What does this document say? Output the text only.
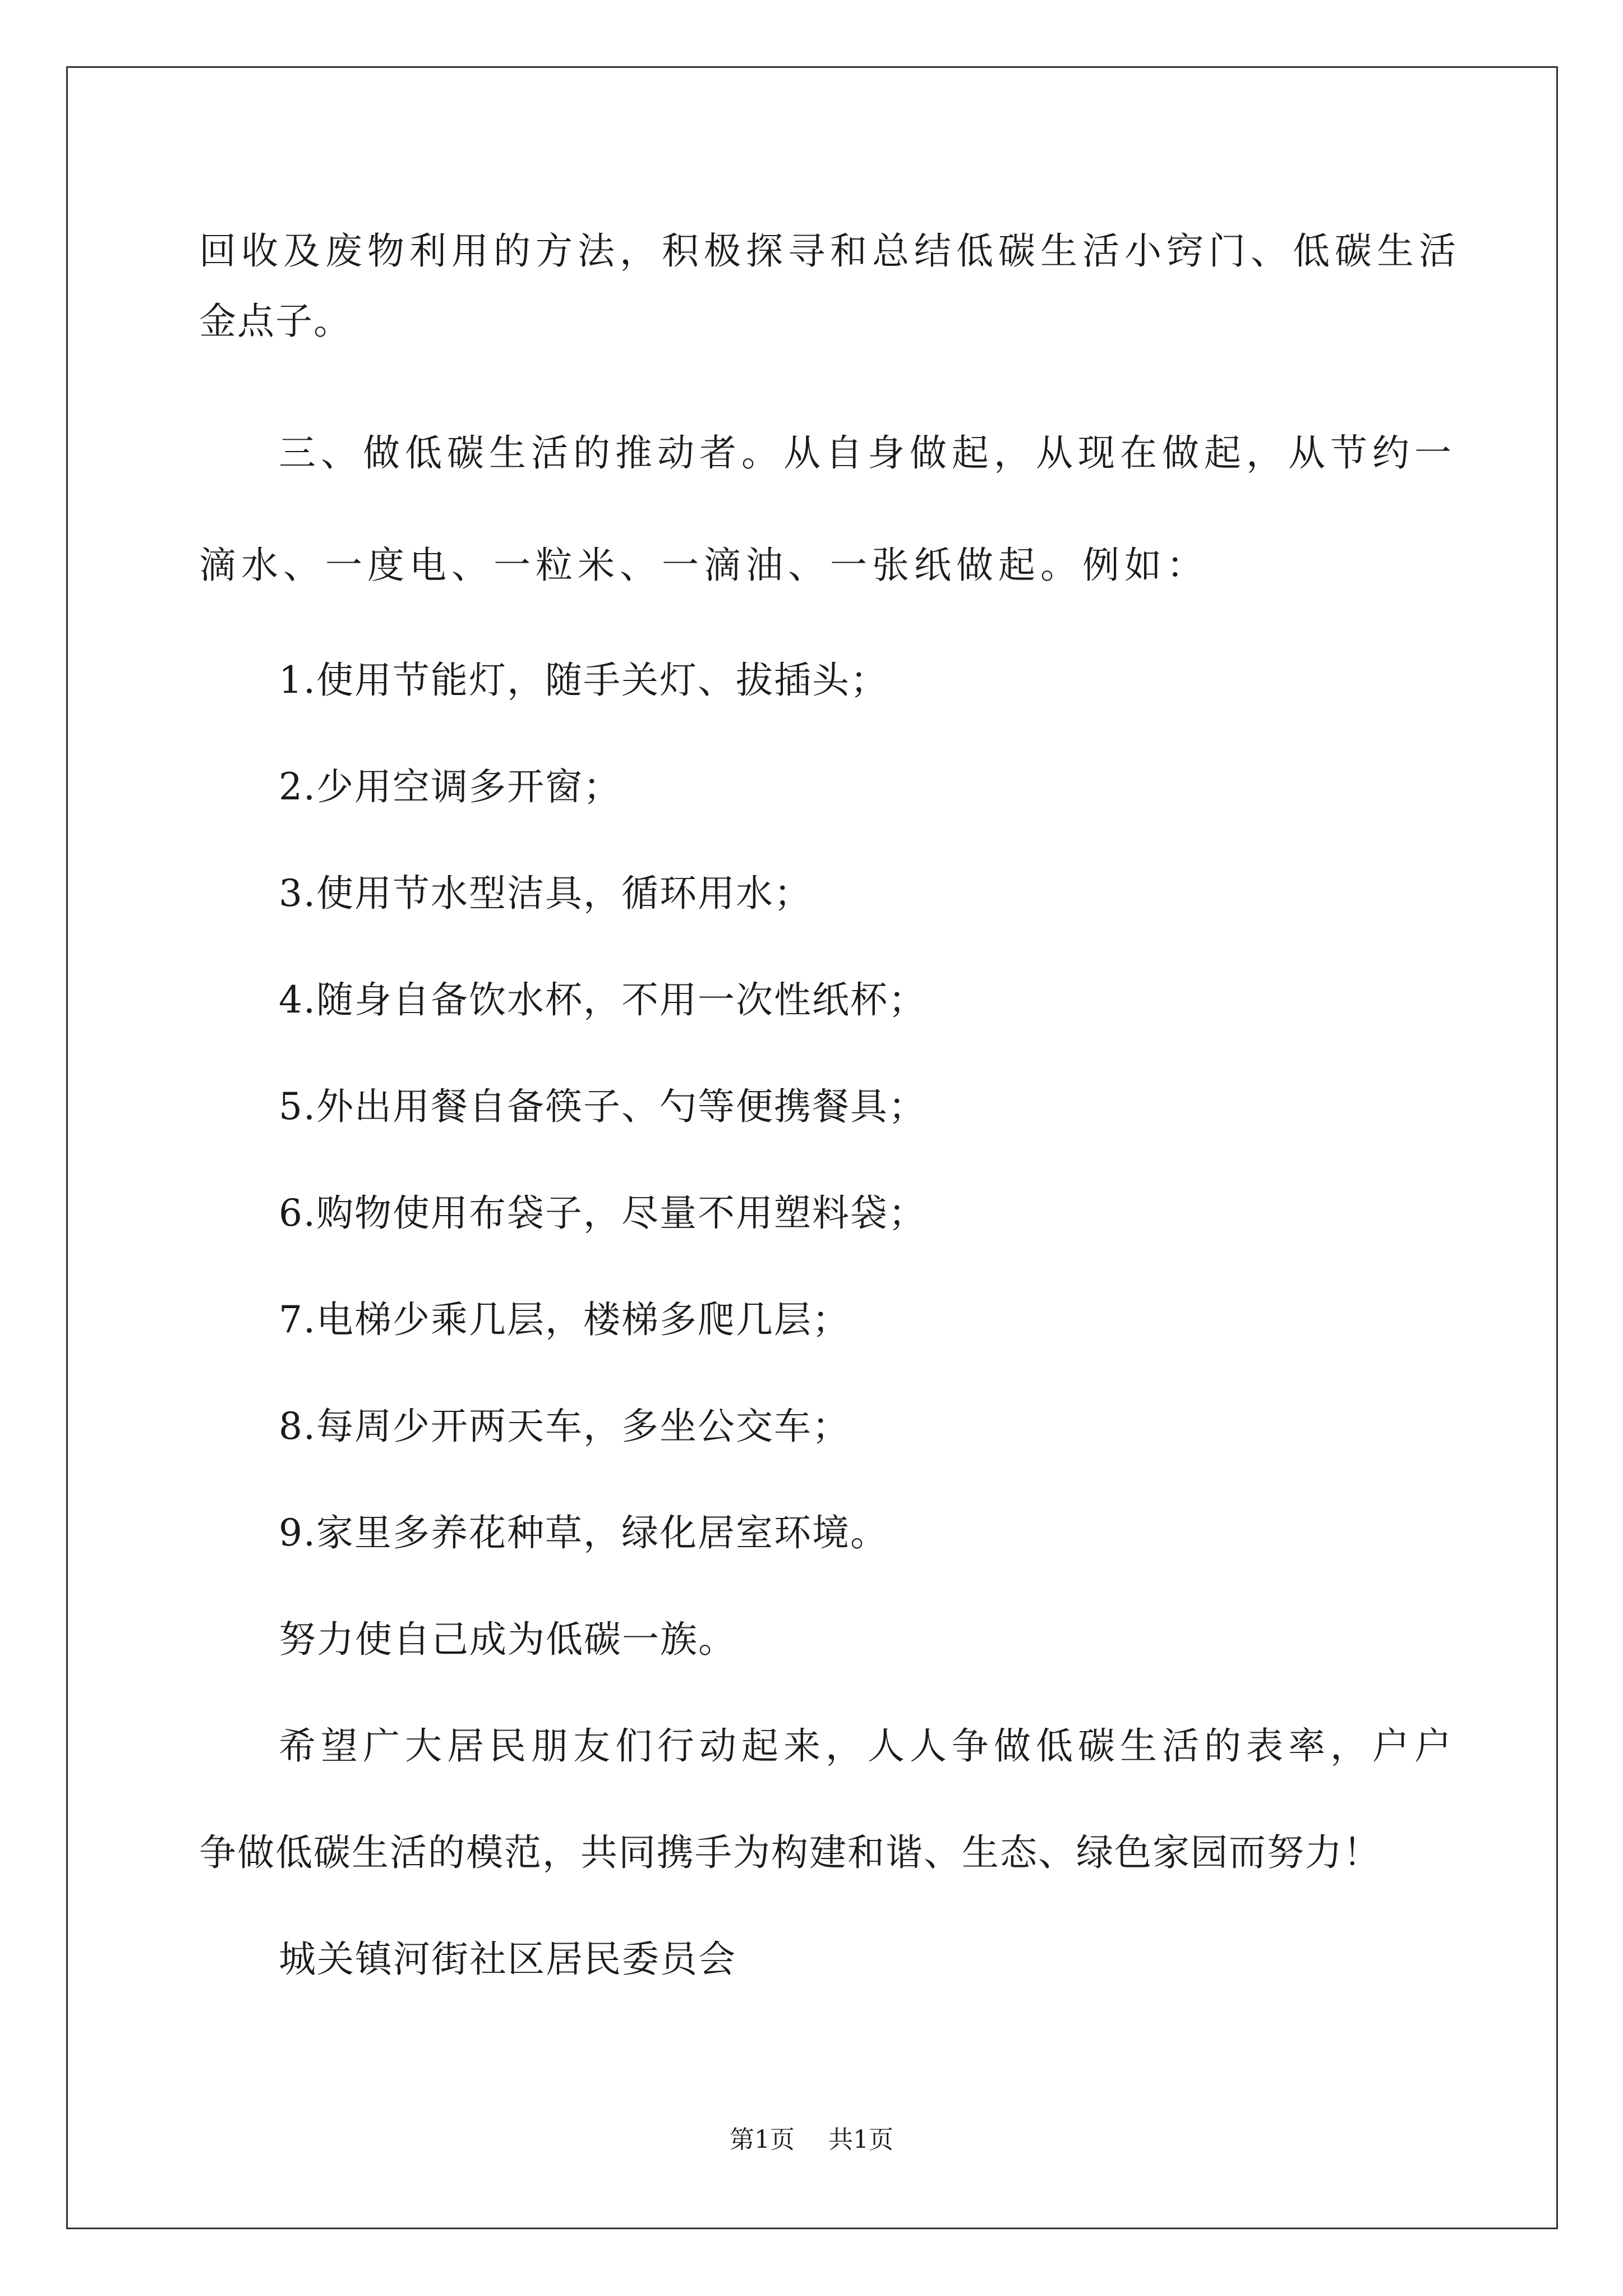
回收及废物利用的方法，积极探寻和总结低碳生活小窍门、低碳生活
金点子。
三、做低碳生活的推动者。从自身做起，从现在做起，从节约一
滴水、一度电、一粒米、一滴油、一张纸做起。例如：
1.使用节能灯，随手关灯、拔插头；
2.少用空调多开窗；
3.使用节水型洁具，循环用水；
4.随身自备饮水杯，不用一次性纸杯；
5.外出用餐自备筷子、勺等便携餐具；
6.购物使用布袋子，尽量不用塑料袋；
7.电梯少乘几层，楼梯多爬几层；
8.每周少开两天车，多坐公交车；
9.家里多养花种草，绿化居室环境。
努力使自己成为低碳一族。
希望广大居民朋友们行动起来，人人争做低碳生活的表率，户户
争做低碳生活的模范，共同携手为构建和谐、生态、绿色家园而努力！
城关镇河街社区居民委员会
第1页 共1页
